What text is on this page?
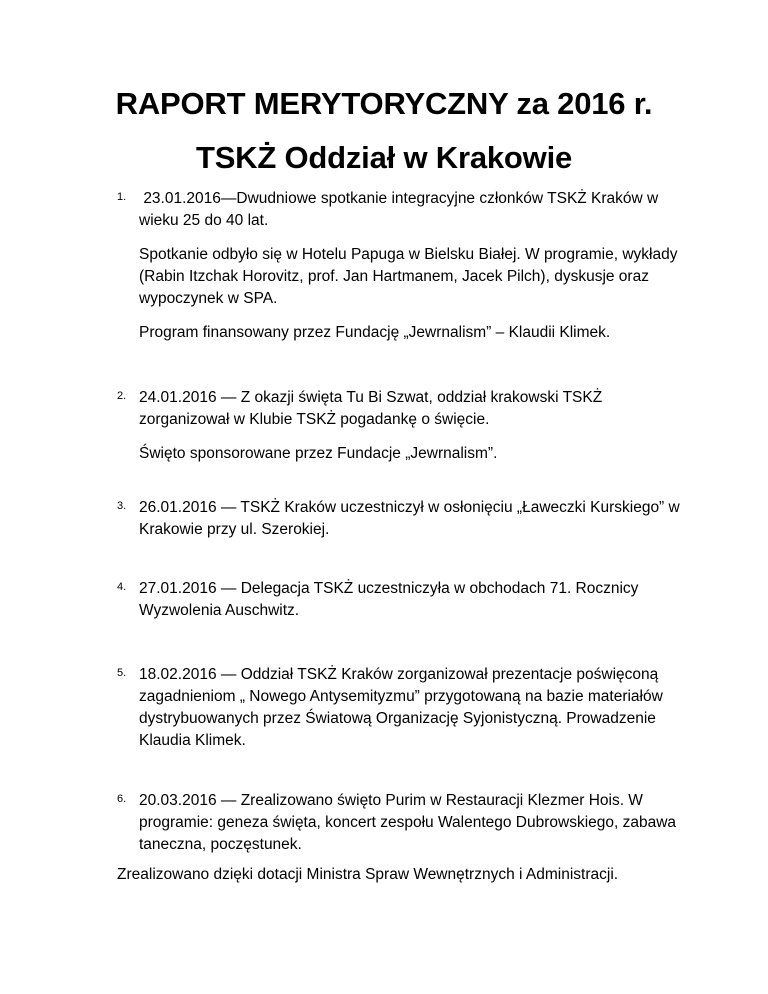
RAPORT MERYTORYCZNY za 2016 r.
TSKŻ Oddział w Krakowie
1. 23.01.2016—Dwudniowe spotkanie integracyjne członków TSKŻ Kraków w wieku 25 do 40 lat.

Spotkanie odbyło się w Hotelu Papuga w Bielsku Białej. W programie, wykłady (Rabin Itzchak Horovitz, prof. Jan Hartmanem, Jacek Pilch), dyskusje oraz wypoczynek w SPA.

Program finansowany przez Fundację „Jewrnalism” – Klaudii Klimek.

2. 24.01.2016 — Z okazji święta Tu Bi Szwat, oddział krakowski TSKŻ zorganizował w Klubie TSKŻ pogadankę o święcie.

Święto sponsorowane przez Fundacje „Jewrnalism”.

3. 26.01.2016 — TSKŻ Kraków uczestniczył w osłonięciu „Ławeczki Kurskiego” w Krakowie przy ul. Szerokiej.

4. 27.01.2016 — Delegacja TSKŻ uczestniczyła w obchodach 71. Rocznicy Wyzwolenia Auschwitz.

5. 18.02.2016 — Oddział TSKŻ Kraków zorganizował prezentacje poświęconą zagadnieniom „ Nowego Antysemityzmu” przygotowaną na bazie materiałów dystrybuowanych przez Światową Organizację Syjonistyczną. Prowadzenie Klaudia Klimek.

6. 20.03.2016 — Zrealizowano święto Purim w Restauracji Klezmer Hois. W programie: geneza święta, koncert zespołu Walentego Dubrowskiego, zabawa taneczna, poczęstunek.

Zrealizowano dzięki dotacji Ministra Spraw Wewnętrznych i Administracji.
